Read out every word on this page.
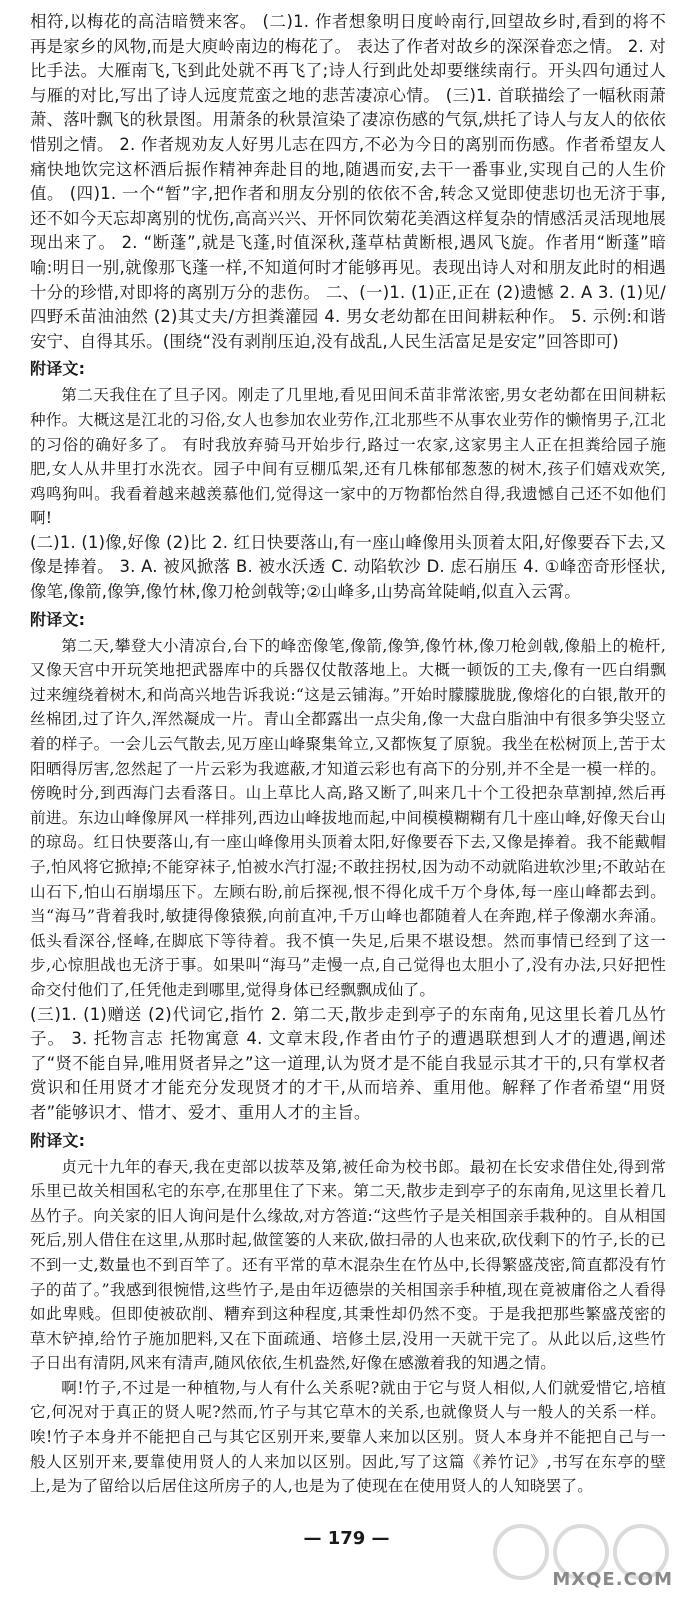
相符,以梅花的高洁暗赞来客。 (二)1. 作者想象明日度岭南行,回望故乡时,看到的将不再是家乡的风物,而是大庾岭南边的梅花了。 表达了作者对故乡的深深眷恋之情。 2. 对比手法。大雁南飞,飞到此处就不再飞了;诗人行到此处却要继续南行。开头四句通过人与雁的对比,写出了诗人远度荒蛮之地的悲苦凄凉心情。 (三)1. 首联描绘了一幅秋雨萧萧、落叶飘飞的秋景图。用萧条的秋景渲染了凄凉伤感的气氛,烘托了诗人与友人的依依惜别之情。 2. 作者规劝友人好男儿志在四方,不必为今日的离别而伤感。作者希望友人痛快地饮完这杯酒后振作精神奔赴目的地,随遇而安,去干一番事业,实现自己的人生价值。 (四)1. 一个“暂”字,把作者和朋友分别的依依不舍,转念又觉即使悲切也无济于事,还不如今天忘却离别的忧伤,高高兴兴、开怀同饮菊花美酒这样复杂的情感活灵活现地展现出来了。 2. “断蓬”,就是飞蓬,时值深秋,蓬草枯黄断根,遇风飞旋。作者用“断蓬”暗喻:明日一别,就像那飞蓬一样,不知道何时才能够再见。表现出诗人对和朋友此时的相遇十分的珍惜,对即将的离别万分的悲伤。 二、(一)1. (1)正,正在 (2)遗憾 2. A 3. (1)见/四野禾苗油油然 (2)其丈夫/方担粪灌园 4. 男女老幼都在田间耕耘种作。 5. 示例:和谐安宁、自得其乐。(围绕“没有剥削压迫,没有战乱,人民生活富足是安定”回答即可)

附译文:

第二天我住在了旦子冈。刚走了几里地,看见田间禾苗非常浓密,男女老幼都在田间耕耘种作。大概这是江北的习俗,女人也参加农业劳作,江北那些不从事农业劳作的懒惰男子,江北的习俗的确好多了。 有时我放弃骑马开始步行,路过一农家,这家男主人正在担粪给园子施肥,女人从井里打水洗衣。园子中间有豆棚瓜架,还有几株郁郁葱葱的树木,孩子们嬉戏欢笑,鸡鸣狗叫。我看着越来越羡慕他们,觉得这一家中的万物都怡然自得,我遗憾自己还不如他们啊!

(二)1. (1)像,好像 (2)比 2. 红日快要落山,有一座山峰像用头顶着太阳,好像要吞下去,又像是捧着。 3. A. 被风掀落 B. 被水沃透 C. 动陷软沙 D. 虑石崩压 4. ①峰峦奇形怪状,像笔,像箭,像笋,像竹林,像刀枪剑戟等;②山峰多,山势高耸陡峭,似直入云霄。

附译文:

第二天,攀登大小清凉台,台下的峰峦像笔,像箭,像笋,像竹林,像刀枪剑戟,像船上的桅杆,又像天宫中开玩笑地把武器库中的兵器仅仗散落地上。大概一顿饭的工夫,像有一匹白绢飘过来缠绕着树木,和尚高兴地告诉我说:“这是云铺海。”开始时朦朦胧胧,像熔化的白银,散开的丝棉团,过了许久,浑然凝成一片。青山全都露出一点尖角,像一大盘白脂油中有很多笋尖竖立着的样子。一会儿云气散去,见万座山峰聚集耸立,又都恢复了原貌。我坐在松树顶上,苦于太阳晒得厉害,忽然起了一片云彩为我遮蔽,才知道云彩也有高下的分别,并不全是一模一样的。傍晚时分,到西海门去看落日。山上草比人高,路又断了,叫来几十个工役把杂草割掉,然后再前进。东边山峰像屏风一样排列,西边山峰拔地而起,中间模模糊糊有几十座山峰,好像天台山的琼岛。红日快要落山,有一座山峰像用头顶着太阳,好像要吞下去,又像是捧着。我不能戴帽子,怕风将它掀掉;不能穿袜子,怕被水汽打湿;不敢拄拐杖,因为动不动就陷进软沙里;不敢站在山石下,怕山石崩塌压下。左顾右盼,前后探视,恨不得化成千万个身体,每一座山峰都去到。当“海马”背着我时,敏捷得像猿猴,向前直冲,千万山峰也都随着人在奔跑,样子像潮水奔涌。低头看深谷,怪峰,在脚底下等待着。我不慎一失足,后果不堪设想。然而事情已经到了这一步,心惊胆战也无济于事。如果叫“海马”走慢一点,自己觉得也太胆小了,没有办法,只好把性命交付他们了,任凭他走到哪里,觉得身体已经飘飘成仙了。

(三)1. (1)赠送 (2)代词它,指竹 2. 第二天,散步走到亭子的东南角,见这里长着几丛竹子。 3. 托物言志 托物寓意 4. 文章末段,作者由竹子的遭遇联想到人才的遭遇,阐述了“贤不能自异,唯用贤者异之”这一道理,认为贤才是不能自我显示其才干的,只有掌权者赏识和任用贤才才能充分发现贤才的才干,从而培养、重用他。解释了作者希望“用贤者”能够识才、惜才、爱才、重用人才的主旨。

附译文:

贞元十九年的春天,我在吏部以拔萃及第,被任命为校书郎。最初在长安求借住处,得到常乐里已故关相国私宅的东亭,在那里住了下来。第二天,散步走到亭子的东南角,见这里长着几丛竹子。向关家的旧人询问是什么缘故,对方答道:“这些竹子是关相国亲手栽种的。自从相国死后,别人借住在这里,从那时起,做筐篓的人来砍,做扫帚的人也来砍,砍伐剩下的竹子,长的已不到一丈,数量也不到百竿了。还有平常的草木混杂生在竹丛中,长得繁盛茂密,简直都没有竹子的苗了。”我感到很惋惜,这些竹子,是由年迈德崇的关相国亲手种植,现在竟被庸俗之人看得如此卑贱。但即使被砍削、糟弃到这种程度,其秉性却仍然不变。于是我把那些繁盛茂密的草木铲掉,给竹子施加肥料,又在下面疏通、培修土层,没用一天就干完了。从此以后,这些竹子日出有清阴,风来有清声,随风依依,生机盎然,好像在感激着我的知遇之情。

啊!竹子,不过是一种植物,与人有什么关系呢?就由于它与贤人相似,人们就爱惜它,培植它,何况对于真正的贤人呢?然而,竹子与其它草木的关系,也就像贤人与一般人的关系一样。唉!竹子本身并不能把自己与其它区别开来,要靠人来加以区别。贤人本身并不能把自己与一般人区别开来,要靠使用贤人的人来加以区别。因此,写了这篇《养竹记》,书写在东亭的壁上,是为了留给以后居住这所房子的人,也是为了使现在在使用贤人的人知晓罢了。

— 179 —
MXQE.COM
